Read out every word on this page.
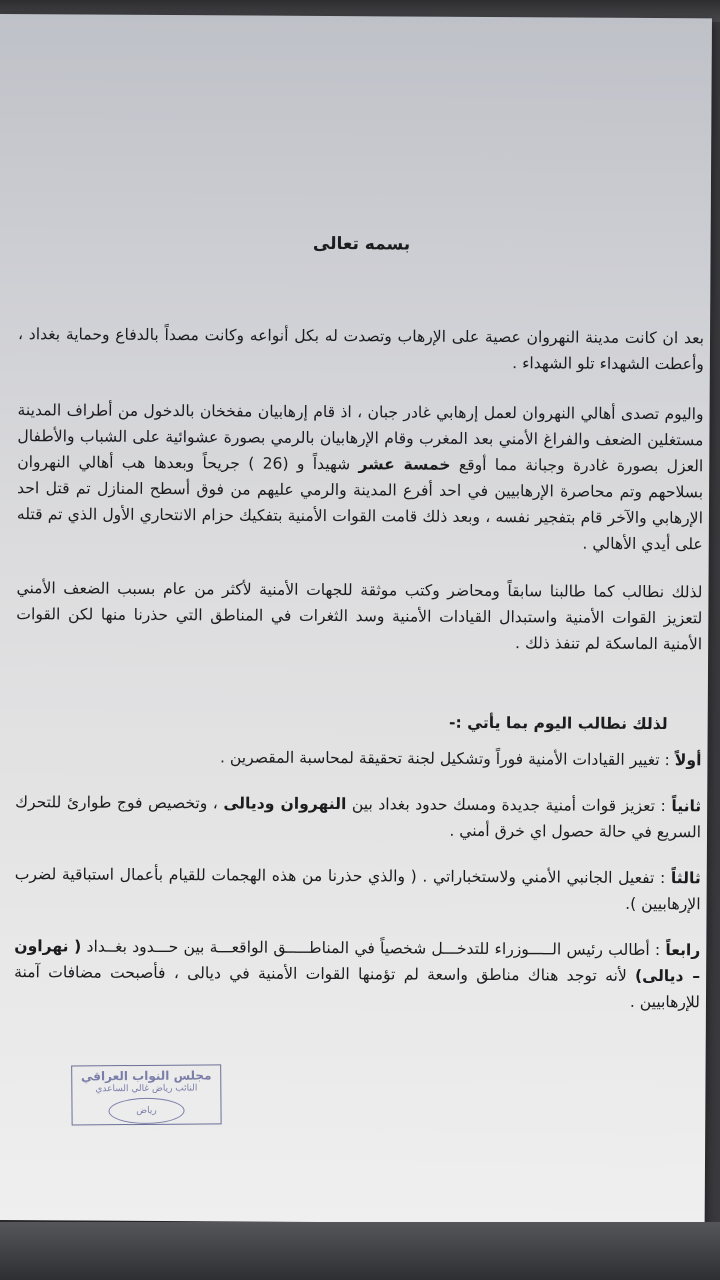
بسمه تعالى

بعد ان كانت مدينة النهروان عصية على الإرهاب وتصدت له بكل أنواعه وكانت مصداً بالدفاع وحماية بغداد ، وأعطت الشهداء تلو الشهداء .

واليوم تصدى أهالي النهروان لعمل إرهابي غادر جبان ، اذ قام إرهابيان مفخخان بالدخول من أطراف المدينة مستغلين الضعف والفراغ الأمني بعد المغرب وقام الإرهابيان بالرمي بصورة عشوائية على الشباب والأطفال العزل بصورة غادرة وجبانة مما أوقع خمسة عشر شهيداً و (26 ) جريحاً وبعدها هب أهالي النهروان بسلاحهم وتم محاصرة الإرهابيين في احد أفرع المدينة والرمي عليهم من فوق أسطح المنازل تم قتل احد الإرهابي والآخر قام بتفجير نفسه ، وبعد ذلك قامت القوات الأمنية بتفكيك حزام الانتحاري الأول الذي تم قتله على أيدي الأهالي .

لذلك نطالب كما طالبنا سابقاً ومحاضر وكتب موثقة للجهات الأمنية لأكثر من عام بسبب الضعف الأمني لتعزيز القوات الأمنية واستبدال القيادات الأمنية وسد الثغرات في المناطق التي حذرنا منها لكن القوات الأمنية الماسكة لم تنفذ ذلك .

لذلك نطالب اليوم بما يأتي :-

أولاً : تغيير القيادات الأمنية فوراً وتشكيل لجنة تحقيقة لمحاسبة المقصرين .

ثانياً : تعزيز قوات أمنية جديدة ومسك حدود بغداد بين النهروان وديالى ، وتخصيص فوج طوارئ للتحرك السريع في حالة حصول اي خرق أمني .

ثالثاً : تفعيل الجانبي الأمني ولاستخباراتي . ( والذي حذرنا من هذه الهجمات للقيام بأعمال استباقية لضرب الإرهابيين ).

رابعاً : أطالب رئيس الـــــوزراء للتدخـــل شخصياً في المناطـــــق الواقعـــة بين حـــدود بغــداد ( نهراون – ديالى) لأنه توجد هناك مناطق واسعة لم تؤمنها القوات الأمنية في ديالى ، فأصبحت مضافات آمنة للإرهابيين .

مجلس النواب العراقي
النائب رياض غالي الساعدي
رياض
